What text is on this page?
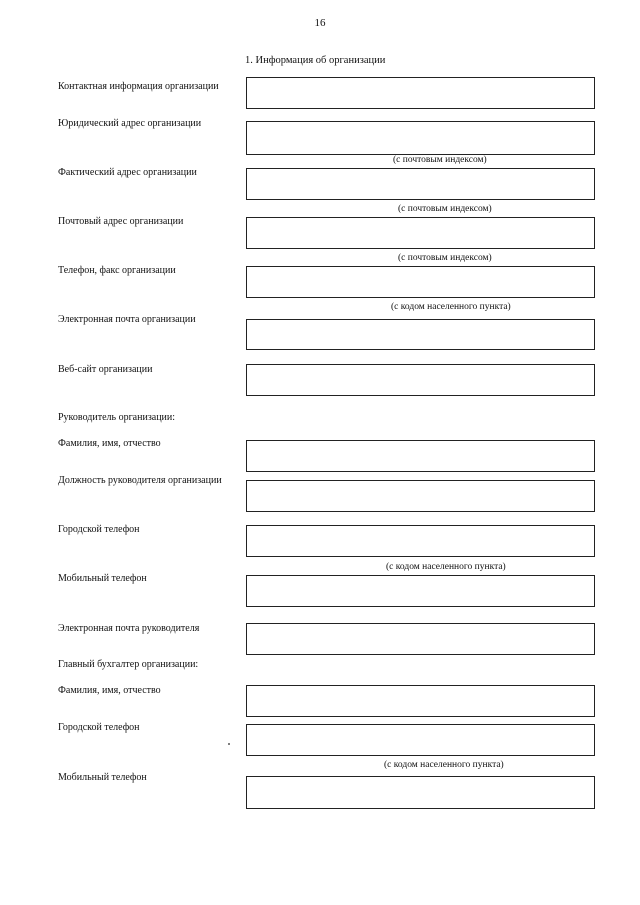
16
1. Информация об организации
Контактная информация организации
Юридический адрес организации
(с почтовым индексом)
Фактический адрес организации
(с почтовым индексом)
Почтовый адрес организации
(с почтовым индексом)
Телефон, факс организации
(с кодом населенного пункта)
Электронная почта организации
Веб-сайт организации
Руководитель организации:
Фамилия, имя, отчество
Должность руководителя организации
Городской телефон
(с кодом населенного пункта)
Мобильный телефон
Электронная почта руководителя
Главный бухгалтер организации:
Фамилия, имя, отчество
Городской телефон
(с кодом населенного пункта)
Мобильный телефон
